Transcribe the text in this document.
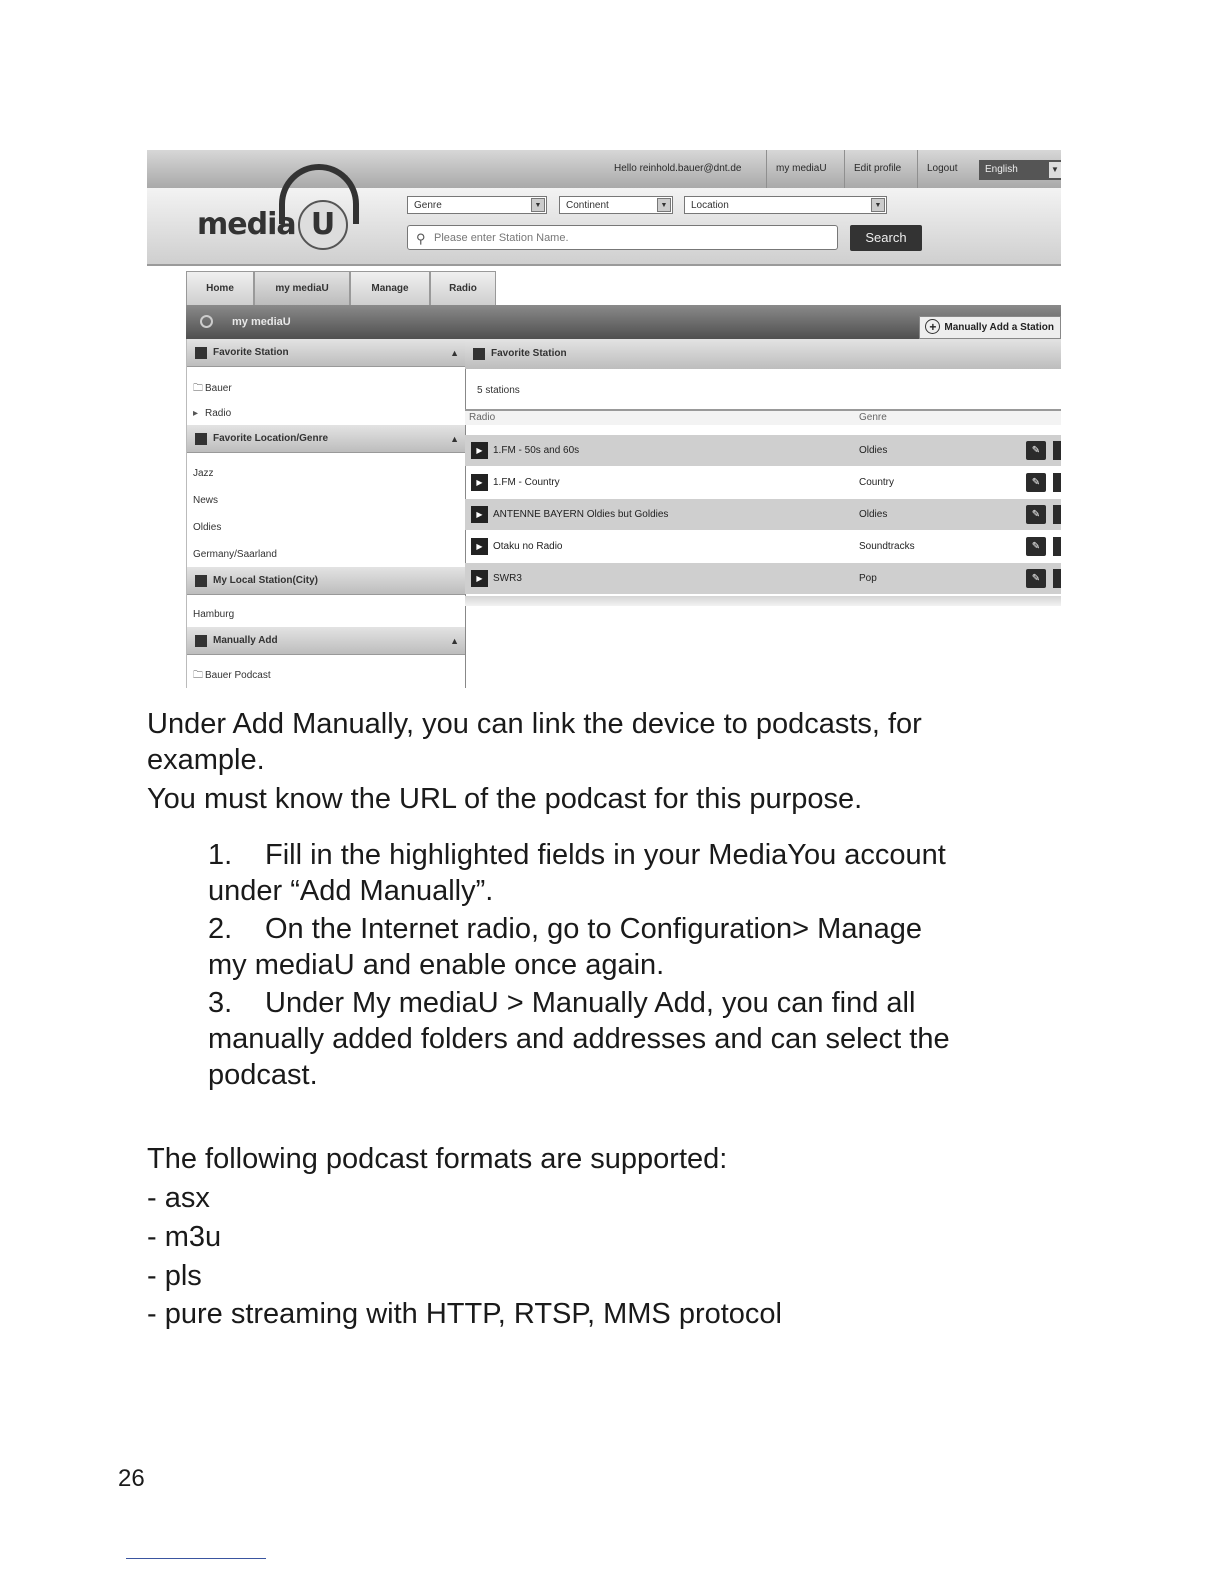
Hello reinhold.bauer@dnt.de	my mediaU	Edit profile	Logout	English	▼
media U
Genre	▼	Continent	▼	Location	▼
⚲ Please enter Station Name.	Search
Home	my mediaU	Manage	Radio
my mediaU	+ Manually Add a Station
Favorite Station	▲
🗀 Bauer
▸ Radio
Favorite Location/Genre	▲
Jazz
News
Oldies
Germany/Saarland
My Local Station(City)
Hamburg
Manually Add	▲
🗀 Bauer Podcast
Favorite Station
5 stations
Radio	Genre
▶	1.FM - 50s and 60s	Oldies	✎
▶	1.FM - Country	Country	✎
▶	ANTENNE BAYERN Oldies but Goldies	Oldies	✎
▶	Otaku no Radio	Soundtracks	✎
▶	SWR3	Pop	✎

Under Add Manually, you can link the device to podcasts, for

example.

You must know the URL of the podcast for this purpose.

1. Fill in the highlighted fields in your MediaYou account

under “Add Manually”.

2. On the Internet radio, go to Configuration> Manage

my mediaU and enable once again.

3. Under My mediaU > Manually Add, you can find all

manually added folders and addresses and can select the

podcast.

The following podcast formats are supported:

- asx

- m3u

- pls

- pure streaming with HTTP, RTSP, MMS protocol

26
